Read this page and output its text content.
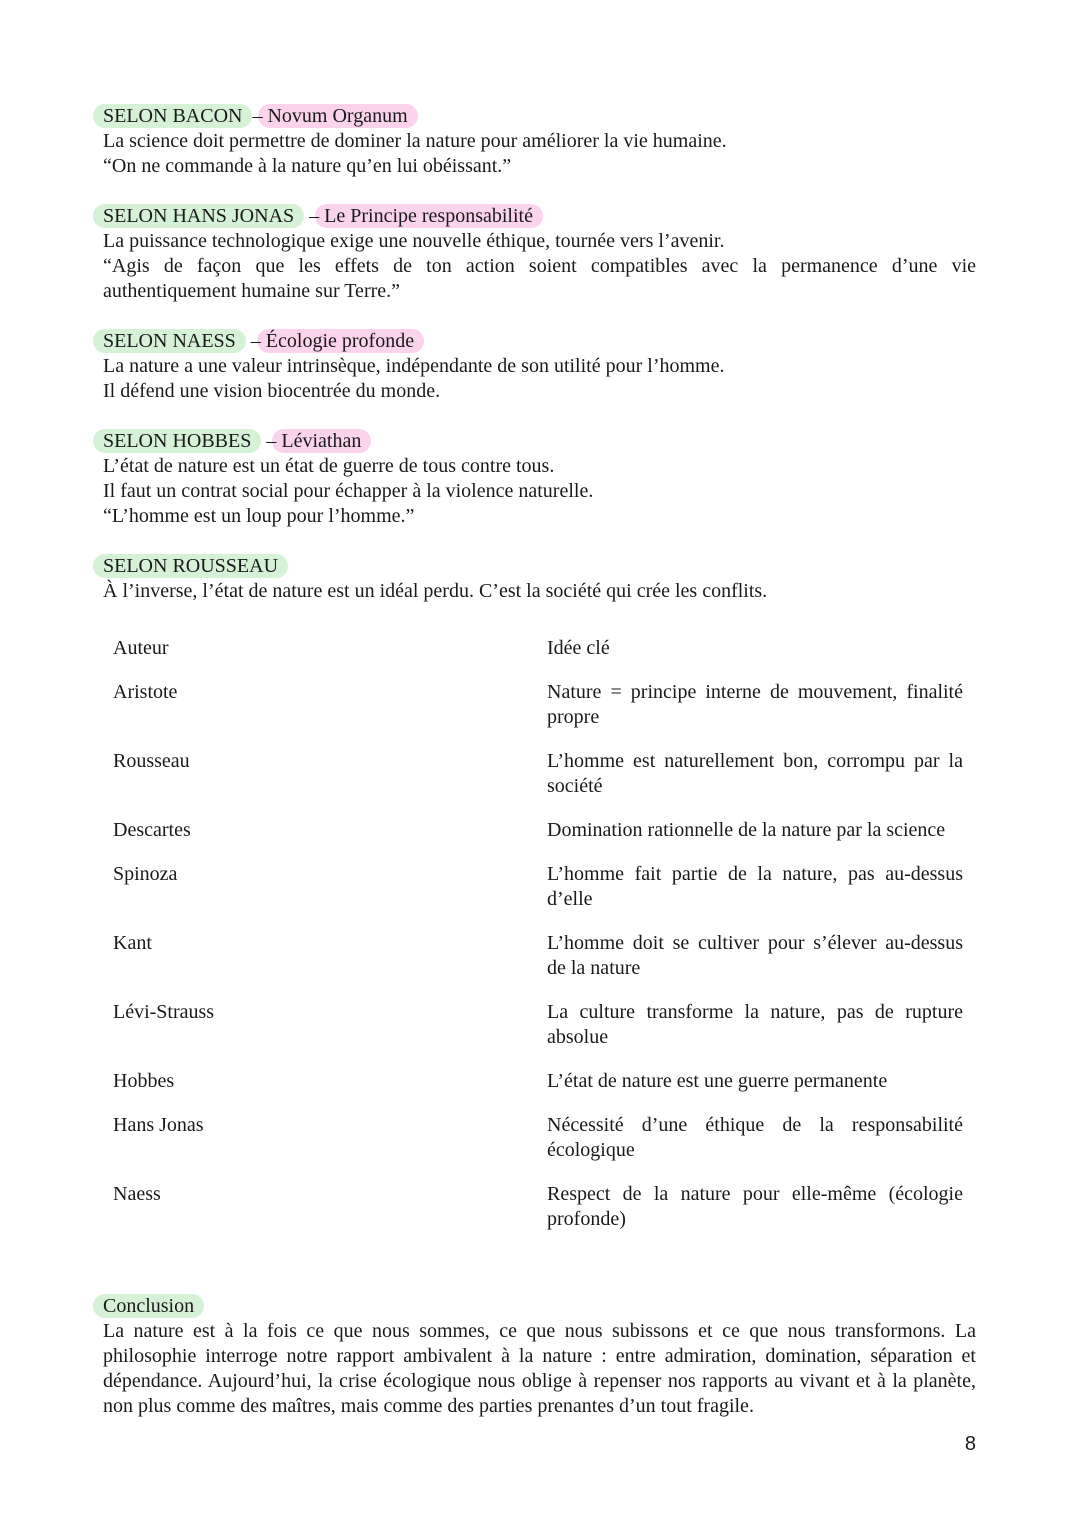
SELON BACON – Novum Organum

La science doit permettre de dominer la nature pour améliorer la vie humaine.

“On ne commande à la nature qu’en lui obéissant.”

SELON HANS JONAS – Le Principe responsabilité

La puissance technologique exige une nouvelle éthique, tournée vers l’avenir.

“Agis de façon que les effets de ton action soient compatibles avec la permanence d’une vie authentiquement humaine sur Terre.”

SELON NAESS – Écologie profonde

La nature a une valeur intrinsèque, indépendante de son utilité pour l’homme.

Il défend une vision biocentrée du monde.

SELON HOBBES – Léviathan

L’état de nature est un état de guerre de tous contre tous.

Il faut un contrat social pour échapper à la violence naturelle.

“L’homme est un loup pour l’homme.”

SELON ROUSSEAU

À l’inverse, l’état de nature est un idéal perdu. C’est la société qui crée les conflits.

Auteur	Idée clé
Aristote	Nature = principe interne de mouvement, finalité propre
Rousseau	L’homme est naturellement bon, corrompu par la société
Descartes	Domination rationnelle de la nature par la science
Spinoza	L’homme fait partie de la nature, pas au-dessus d’elle
Kant	L’homme doit se cultiver pour s’élever au-dessus de la nature
Lévi-Strauss	La culture transforme la nature, pas de rupture absolue
Hobbes	L’état de nature est une guerre permanente
Hans Jonas	Nécessité d’une éthique de la responsabilité écologique
Naess	Respect de la nature pour elle-même (écologie profonde)
Conclusion

La nature est à la fois ce que nous sommes, ce que nous subissons et ce que nous transformons. La philosophie interroge notre rapport ambivalent à la nature : entre admiration, domination, séparation et dépendance. Aujourd’hui, la crise écologique nous oblige à repenser nos rapports au vivant et à la planète, non plus comme des maîtres, mais comme des parties prenantes d’un tout fragile.

8
